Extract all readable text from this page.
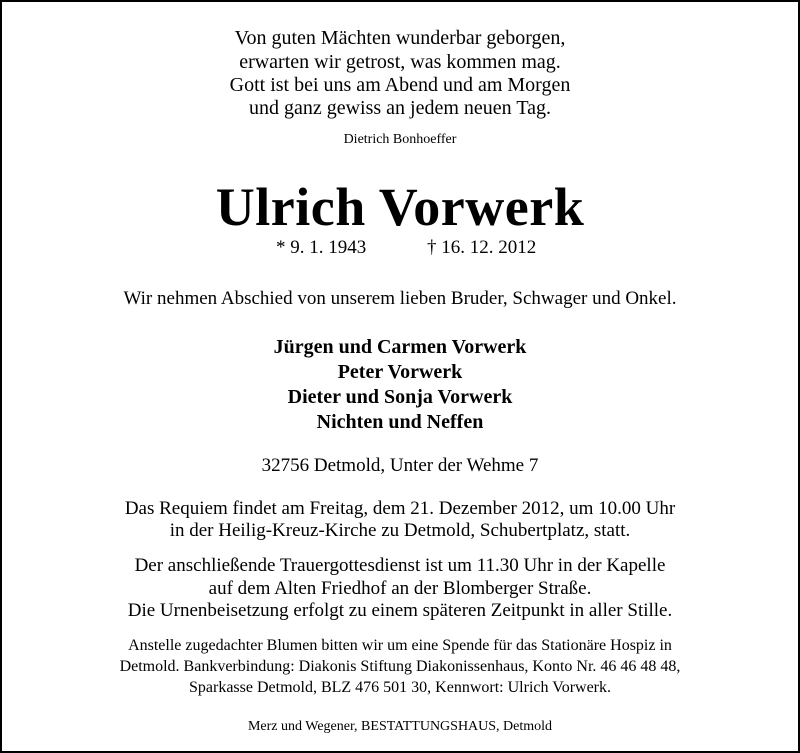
Von guten Mächten wunderbar geborgen,
erwarten wir getrost, was kommen mag.
Gott ist bei uns am Abend und am Morgen
und ganz gewiss an jedem neuen Tag.
Dietrich Bonhoeffer
Ulrich Vorwerk
* 9. 1. 1943	† 16. 12. 2012
Wir nehmen Abschied von unserem lieben Bruder, Schwager und Onkel.
Jürgen und Carmen Vorwerk
Peter Vorwerk
Dieter und Sonja Vorwerk
Nichten und Neffen
32756 Detmold, Unter der Wehme 7
Das Requiem findet am Freitag, dem 21. Dezember 2012, um 10.00 Uhr
in der Heilig-Kreuz-Kirche zu Detmold, Schubertplatz, statt.
Der anschließende Trauergottesdienst ist um 11.30 Uhr in der Kapelle
auf dem Alten Friedhof an der Blomberger Straße.
Die Urnenbeisetzung erfolgt zu einem späteren Zeitpunkt in aller Stille.
Anstelle zugedachter Blumen bitten wir um eine Spende für das Stationäre Hospiz in
Detmold. Bankverbindung: Diakonis Stiftung Diakonissenhaus, Konto Nr. 46 46 48 48,
Sparkasse Detmold, BLZ 476 501 30, Kennwort: Ulrich Vorwerk.
Merz und Wegener, BESTATTUNGSHAUS, Detmold
